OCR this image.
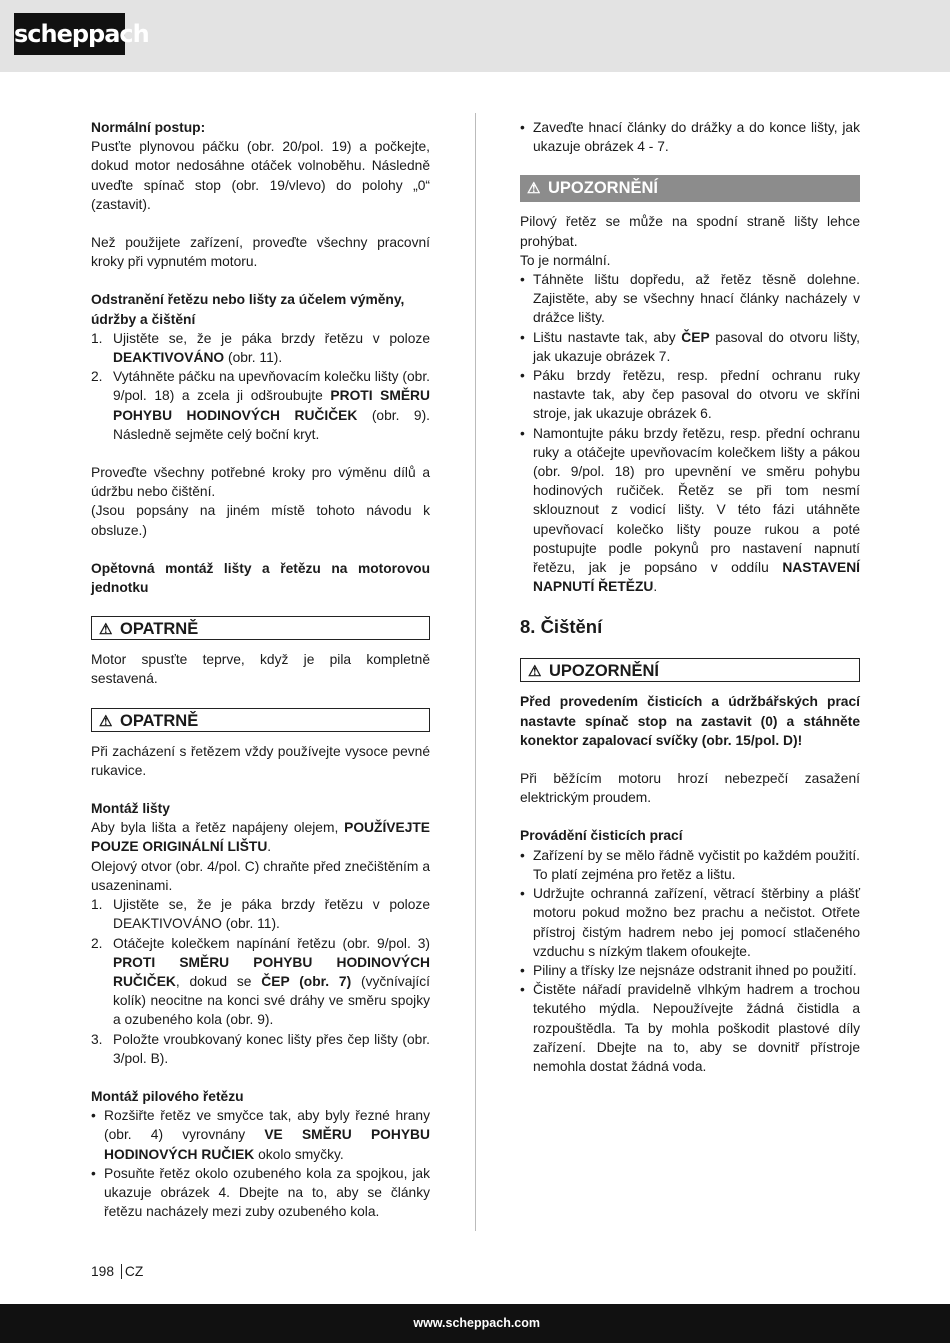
scheppach

Normální postup:

Pusťte plynovou páčku (obr. 20/pol. 19) a počkejte, dokud motor nedosáhne otáček volnoběhu. Následně uveďte spínač stop (obr. 19/vlevo) do polohy „0“ (zastavit).

Než použijete zařízení, proveďte všechny pracovní kroky při vypnutém motoru.

Odstranění řetězu nebo lišty za účelem výměny, údržby a čištění

1. Ujistěte se, že je páka brzdy řetězu v poloze DEAKTIVOVÁNO (obr. 11).
2. Vytáhněte páčku na upevňovacím kolečku lišty (obr. 9/pol. 18) a zcela ji odšroubujte PROTI SMĚRU POHYBU HODINOVÝCH RUČIČEK (obr. 9). Následně sejměte celý boční kryt.

Proveďte všechny potřebné kroky pro výměnu dílů a údržbu nebo čištění.

(Jsou popsány na jiném místě tohoto návodu k obsluze.)

Opětovná montáž lišty a řetězu na motorovou jednotku

⚠ OPATRNĚ

Motor spusťte teprve, když je pila kompletně sestavená.

⚠ OPATRNĚ

Při zacházení s řetězem vždy používejte vysoce pevné rukavice.

Montáž lišty

Aby byla lišta a řetěz napájeny olejem, POUŽÍVEJTE POUZE ORIGINÁLNÍ LIŠTU.

Olejový otvor (obr. 4/pol. C) chraňte před znečištěním a usazeninami.

1. Ujistěte se, že je páka brzdy řetězu v poloze DEAKTIVOVÁNO (obr. 11).
2. Otáčejte kolečkem napínání řetězu (obr. 9/pol. 3) PROTI SMĚRU POHYBU HODINOVÝCH RUČIČEK, dokud se ČEP (obr. 7) (vyčnívající kolík) neocitne na konci své dráhy ve směru spojky a ozubeného kola (obr. 9).
3. Položte vroubkovaný konec lišty přes čep lišty (obr. 3/pol. B).

Montáž pilového řetězu

• Rozšiřte řetěz ve smyčce tak, aby byly řezné hrany (obr. 4) vyrovnány VE SMĚRU POHYBU HODINOVÝCH RUČIEK okolo smyčky.
• Posuňte řetěz okolo ozubeného kola za spojkou, jak ukazuje obrázek 4. Dbejte na to, aby se články řetězu nacházely mezi zuby ozubeného kola.
• Zaveďte hnací články do drážky a do konce lišty, jak ukazuje obrázek 4 - 7.
⚠ UPOZORNĚNÍ

Pilový řetěz se může na spodní straně lišty lehce prohýbat.

To je normální.

• Táhněte lištu dopředu, až řetěz těsně dolehne. Zajistěte, aby se všechny hnací články nacházely v drážce lišty.
• Lištu nastavte tak, aby ČEP pasoval do otvoru lišty, jak ukazuje obrázek 7.
• Páku brzdy řetězu, resp. přední ochranu ruky nastavte tak, aby čep pasoval do otvoru ve skříni stroje, jak ukazuje obrázek 6.
• Namontujte páku brzdy řetězu, resp. přední ochranu ruky a otáčejte upevňovacím kolečkem lišty a pákou (obr. 9/pol. 18) pro upevnění ve směru pohybu hodinových ručiček. Řetěz se při tom nesmí sklouznout z vodicí lišty. V této fázi utáhněte upevňovací kolečko lišty pouze rukou a poté postupujte podle pokynů pro nastavení napnutí řetězu, jak je popsáno v oddílu NASTAVENÍ NAPNUTÍ ŘETĚZU.
8. Čištění
⚠ UPOZORNĚNÍ

Před provedením čisticích a údržbářských prací nastavte spínač stop na zastavit (0) a stáhněte konektor zapalovací svíčky (obr. 15/pol. D)!

Při běžícím motoru hrozí nebezpečí zasažení elektrickým proudem.

Provádění čisticích prací

• Zařízení by se mělo řádně vyčistit po každém použití. To platí zejména pro řetěz a lištu.
• Udržujte ochranná zařízení, větrací štěrbiny a plášť motoru pokud možno bez prachu a nečistot. Otřete přístroj čistým hadrem nebo jej pomocí stlačeného vzduchu s nízkým tlakem ofoukejte.
• Piliny a třísky lze nejsnáze odstranit ihned po použití.
• Čistěte nářadí pravidelně vlhkým hadrem a trochou tekutého mýdla. Nepoužívejte žádná čistidla a rozpouštědla. Ta by mohla poškodit plastové díly zařízení. Dbejte na to, aby se dovnitř přístroje nemohla dostat žádná voda.
198 CZ
www.scheppach.com
